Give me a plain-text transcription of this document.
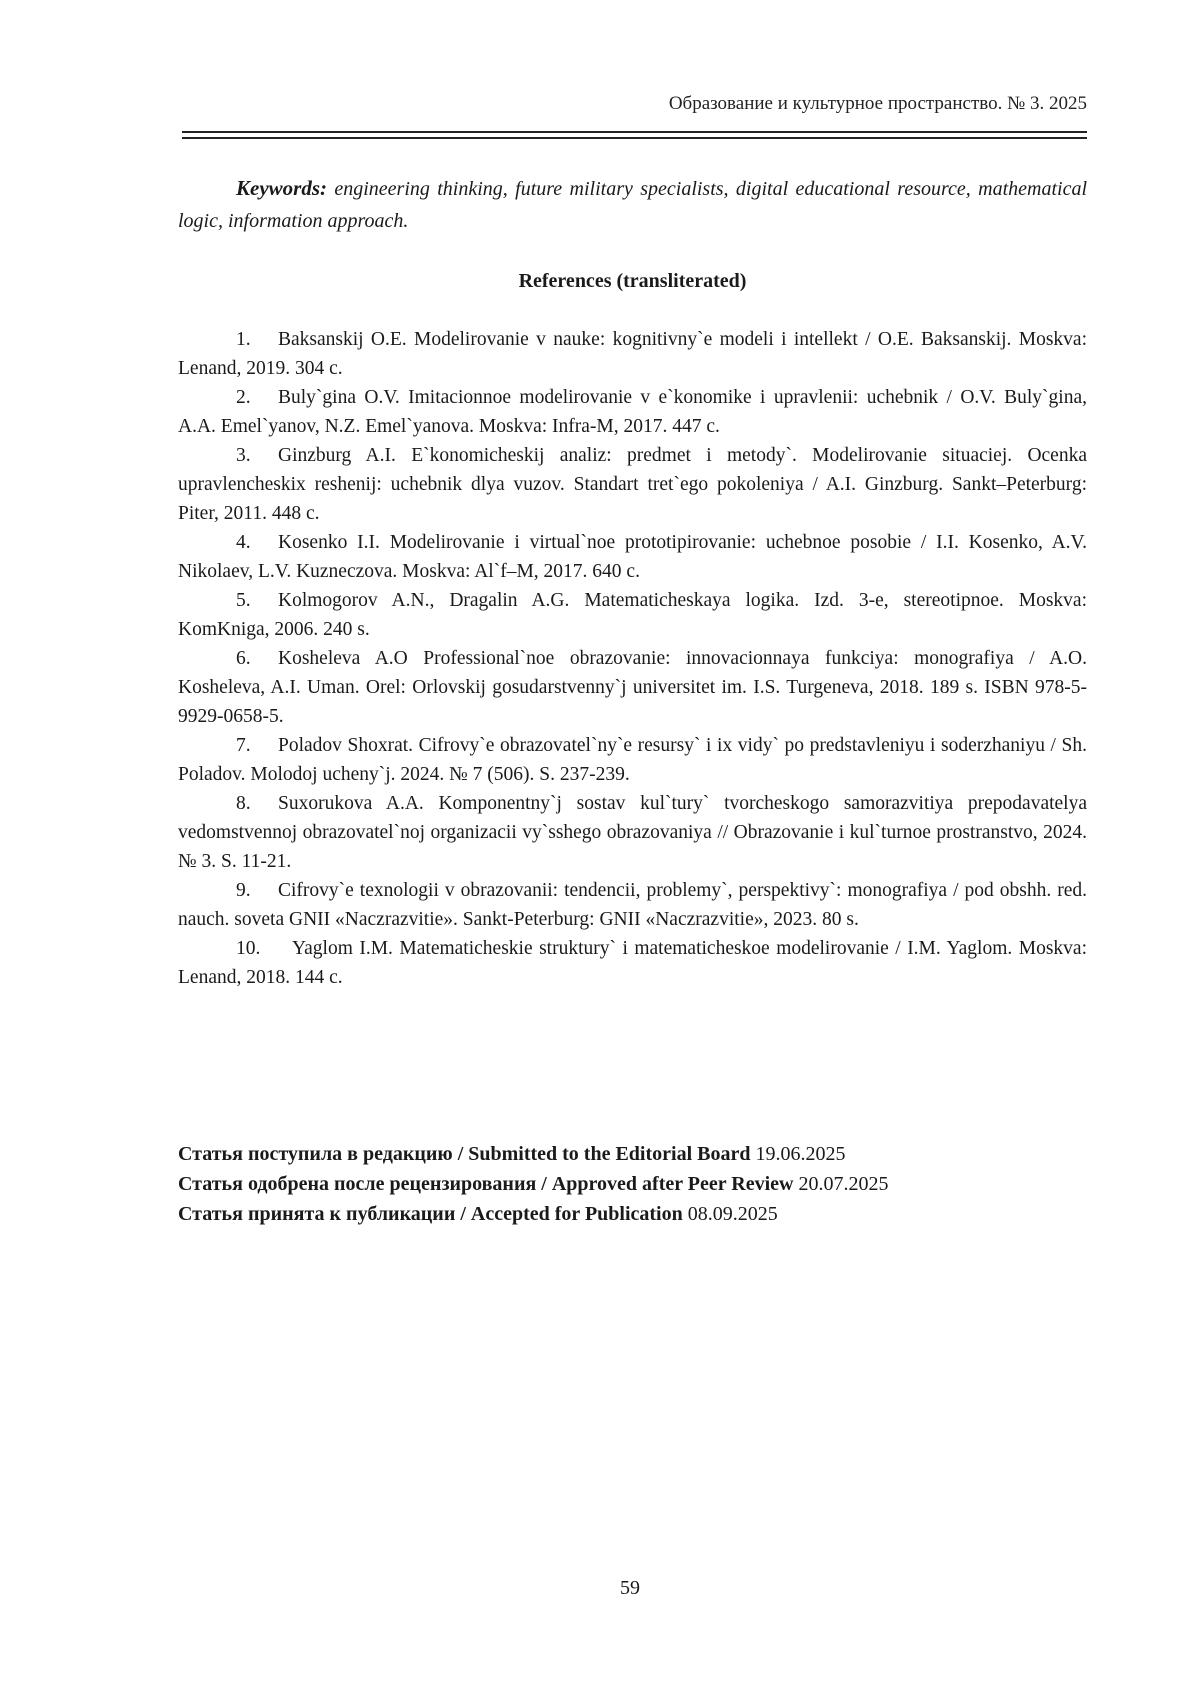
Образование и культурное пространство. № 3. 2025

Keywords: engineering thinking, future military specialists, digital educational resource, mathematical logic, information approach.

References (transliterated)
1. Baksanskij O.E. Modelirovanie v nauke: kognitivny`e modeli i intellekt / O.E. Baksanskij. Moskva: Lenand, 2019. 304 c.
2. Buly`gina O.V. Imitacionnoe modelirovanie v e`konomike i upravlenii: uchebnik / O.V. Buly`gina, A.A. Emel`yanov, N.Z. Emel`yanova. Moskva: Infra-M, 2017. 447 c.
3. Ginzburg A.I. E`konomicheskij analiz: predmet i metody`. Modelirovanie situaciej. Ocenka upravlencheskix reshenij: uchebnik dlya vuzov. Standart tret`ego pokoleniya / A.I. Ginzburg. Sankt–Peterburg: Piter, 2011. 448 c.
4. Kosenko I.I. Modelirovanie i virtual`noe prototipirovanie: uchebnoe posobie / I.I. Kosenko, A.V. Nikolaev, L.V. Kuzneczova. Moskva: Al`f–M, 2017. 640 c.
5. Kolmogorov A.N., Dragalin A.G. Matematicheskaya logika. Izd. 3-e, stereotipnoe. Moskva: KomKniga, 2006. 240 s.
6. Kosheleva A.O Professional`noe obrazovanie: innovacionnaya funkciya: monografiya / A.O. Kosheleva, A.I. Uman. Orel: Orlovskij gosudarstvenny`j universitet im. I.S. Turgeneva, 2018. 189 s. ISBN 978-5-9929-0658-5.
7. Poladov Shoxrat. Cifrovy`e obrazovatel`ny`e resursy` i ix vidy` po predstavleniyu i soderzhaniyu / Sh. Poladov. Molodoj ucheny`j. 2024. № 7 (506). S. 237-239.
8. Suxorukova A.A. Komponentny`j sostav kul`tury` tvorcheskogo samorazvitiya prepodavatelya vedomstvennoj obrazovatel`noj organizacii vy`sshego obrazovaniya // Obrazovanie i kul`turnoe prostranstvo, 2024. № 3. S. 11-21.
9. Cifrovy`e texnologii v obrazovanii: tendencii, problemy`, perspektivy`: monografiya / pod obshh. red. nauch. soveta GNII «Naczrazvitie». Sankt-Peterburg: GNII «Naczrazvitie», 2023. 80 s.
10. Yaglom I.M. Matematicheskie struktury` i matematicheskoe modelirovanie / I.M. Yaglom. Moskva: Lenand, 2018. 144 c.
Статья поступила в редакцию / Submitted to the Editorial Board 19.06.2025
Статья одобрена после рецензирования / Approved after Peer Review 20.07.2025
Статья принята к публикации / Accepted for Publication 08.09.2025
59
